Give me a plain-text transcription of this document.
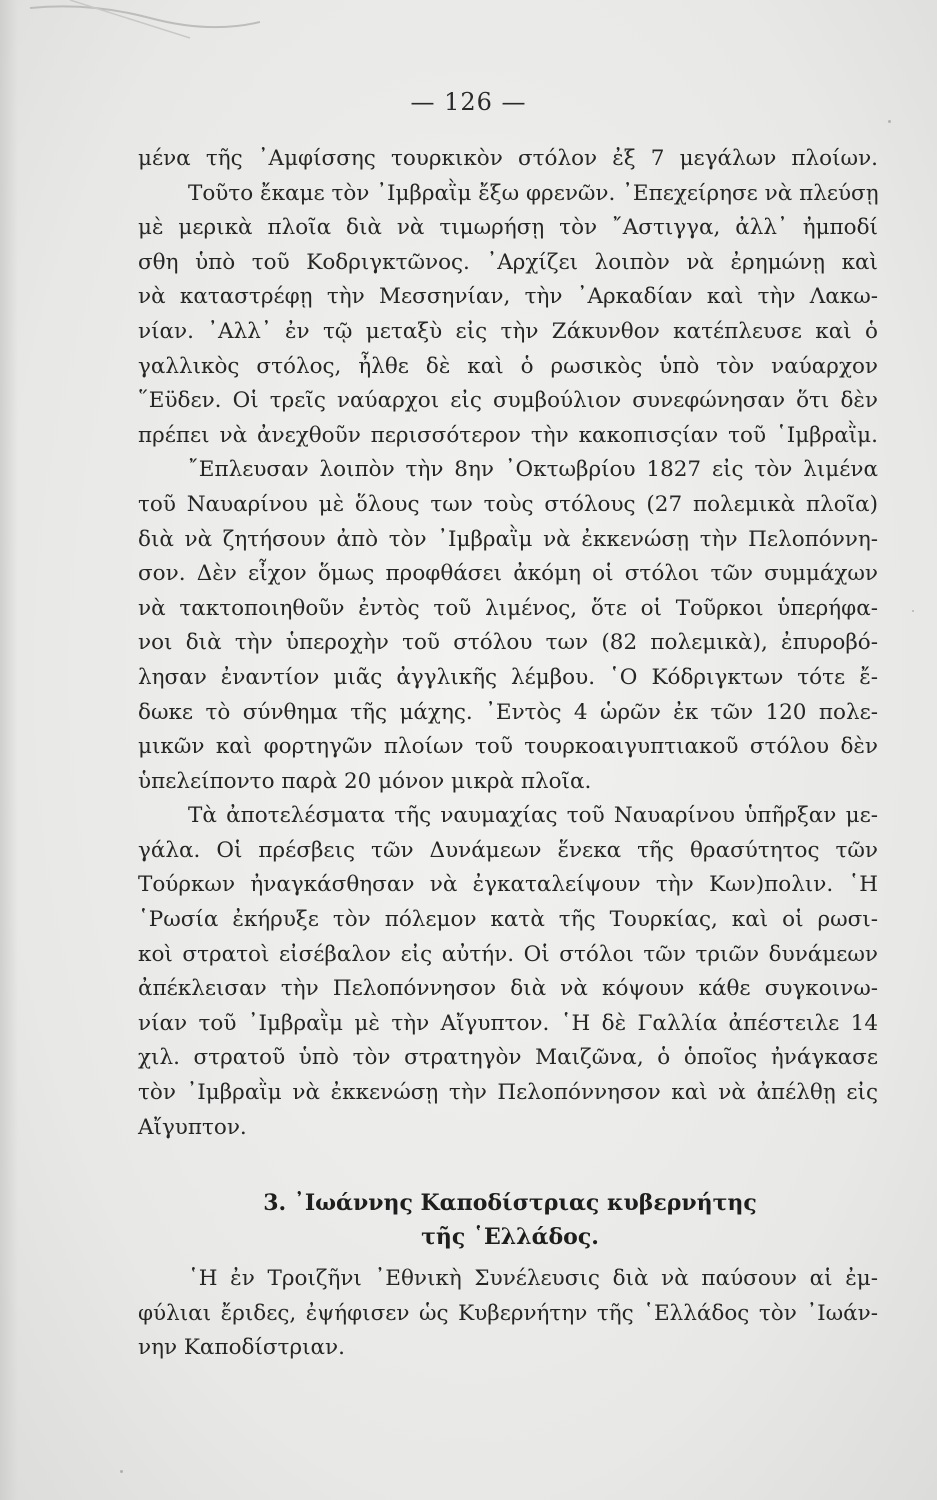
— 126 —

μένα τῆς ᾿Αμφίσσης τουρκικὸν στόλον ἐξ 7 μεγάλων πλοίων.

Τοῦτο ἔκαμε τὸν ᾿Ιμβραῒμ ἔξω φρενῶν. ᾿Επεχείρησε νὰ πλεύσῃ

μὲ μερικὰ πλοῖα διὰ νὰ τιμωρήσῃ τὸν ῎Αστιγγα, ἀλλ᾿ ἠμποδί

σθη ὑπὸ τοῦ Κοδριγκτῶνος. ᾿Αρχίζει λοιπὸν νὰ ἐρημώνῃ καὶ

νὰ καταστρέφῃ τὴν Μεσσηνίαν, τὴν ᾿Αρκαδίαν καὶ τὴν Λακω-

νίαν. ᾿Αλλ᾿ ἐν τῷ μεταξὺ εἰς τὴν Ζάκυνθον κατέπλευσε καὶ ὁ

γαλλικὸς στόλος, ἦλθε δὲ καὶ ὁ ρωσικὸς ὑπὸ τὸν ναύαρχον

῞Εϋδεν. Οἱ τρεῖς ναύαρχοι εἰς συμβούλιον συνεφώνησαν ὅτι δὲν

πρέπει νὰ ἀνεχθοῦν περισσότερον τὴν κακοπισςίαν τοῦ ῾Ιμβραῒμ.

῎Επλευσαν λοιπὸν τὴν 8ην ᾿Οκτωβρίου 1827 εἰς τὸν λιμένα

τοῦ Ναυαρίνου μὲ ὅλους των τοὺς στόλους (27 πολεμικὰ πλοῖα)

διὰ νὰ ζητήσουν ἀπὸ τὸν ᾿Ιμβραῒμ νὰ ἐκκενώσῃ τὴν Πελοπόννη-

σον. Δὲν εἶχον ὅμως προφθάσει ἀκόμη οἱ στόλοι τῶν συμμάχων

νὰ τακτοποιηθοῦν ἐντὸς τοῦ λιμένος, ὅτε οἱ Τοῦρκοι ὑπερήφα-

νοι διὰ τὴν ὑπεροχὴν τοῦ στόλου των (82 πολεμικὰ), ἐπυροβό-

λησαν ἐναντίον μιᾶς ἀγγλικῆς λέμβου. ῾Ο Κόδριγκτων τότε ἔ-

δωκε τὸ σύνθημα τῆς μάχης. ᾿Εντὸς 4 ὡρῶν ἐκ τῶν 120 πολε-

μικῶν καὶ φορτηγῶν πλοίων τοῦ τουρκοαιγυπτιακοῦ στόλου δὲν

ὑπελείποντο παρὰ 20 μόνον μικρὰ πλοῖα.

Τὰ ἀποτελέσματα τῆς ναυμαχίας τοῦ Ναυαρίνου ὑπῆρξαν με-

γάλα. Οἱ πρέσβεις τῶν Δυνάμεων ἕνεκα τῆς θρασύτητος τῶν

Τούρκων ἠναγκάσθησαν νὰ ἐγκαταλείψουν τὴν Κων)πολιν. ῾Η

῾Ρωσία ἐκήρυξε τὸν πόλεμον κατὰ τῆς Τουρκίας, καὶ οἱ ρωσι-

κοὶ στρατοὶ εἰσέβαλον εἰς αὐτήν. Οἱ στόλοι τῶν τριῶν δυνάμεων

ἀπέκλεισαν τὴν Πελοπόννησον διὰ νὰ κόψουν κάθε συγκοινω-

νίαν τοῦ ᾿Ιμβραῒμ μὲ τὴν Αἴγυπτον. ῾Η δὲ Γαλλία ἀπέστειλε 14

χιλ. στρατοῦ ὑπὸ τὸν στρατηγὸν Μαιζῶνα, ὁ ὁποῖος ἠνάγκασε

τὸν ᾿Ιμβραῒμ νὰ ἐκκενώσῃ τὴν Πελοπόννησον καὶ νὰ ἀπέλθῃ εἰς

Αἴγυπτον.

3. ᾿Ιωάννης Καποδίστριας κυβερνήτης
τῆς ῾Ελλάδος.

῾Η ἐν Τροιζῆνι ᾿Εθνικὴ Συνέλευσις διὰ νὰ παύσουν αἱ ἐμ-

φύλιαι ἔριδες, ἐψήφισεν ὡς Κυβερνήτην τῆς ῾Ελλάδος τὸν ᾿Ιωάν-

νην Καποδίστριαν.
